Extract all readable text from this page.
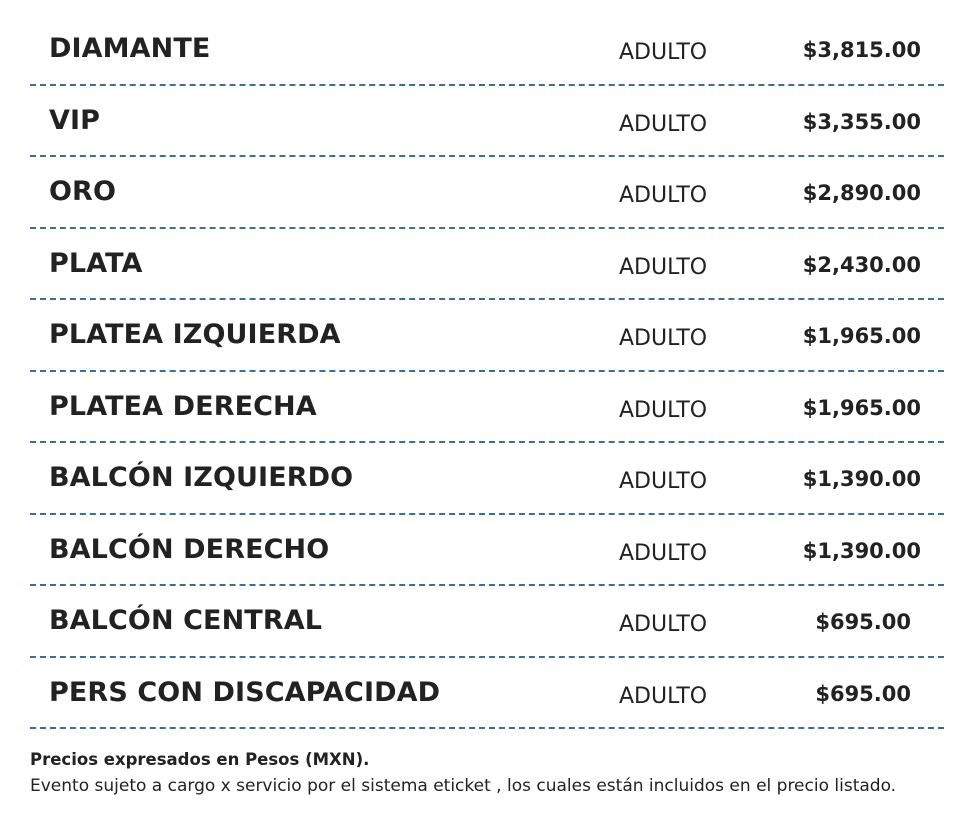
DIAMANTE	ADULTO	$3,815.00
VIP	ADULTO	$3,355.00
ORO	ADULTO	$2,890.00
PLATA	ADULTO	$2,430.00
PLATEA IZQUIERDA	ADULTO	$1,965.00
PLATEA DERECHA	ADULTO	$1,965.00
BALCÓN IZQUIERDO	ADULTO	$1,390.00
BALCÓN DERECHO	ADULTO	$1,390.00
BALCÓN CENTRAL	ADULTO	$695.00
PERS CON DISCAPACIDAD	ADULTO	$695.00
Precios expresados en Pesos (MXN).
Evento sujeto a cargo x servicio por el sistema eticket , los cuales están incluidos en el precio listado.
